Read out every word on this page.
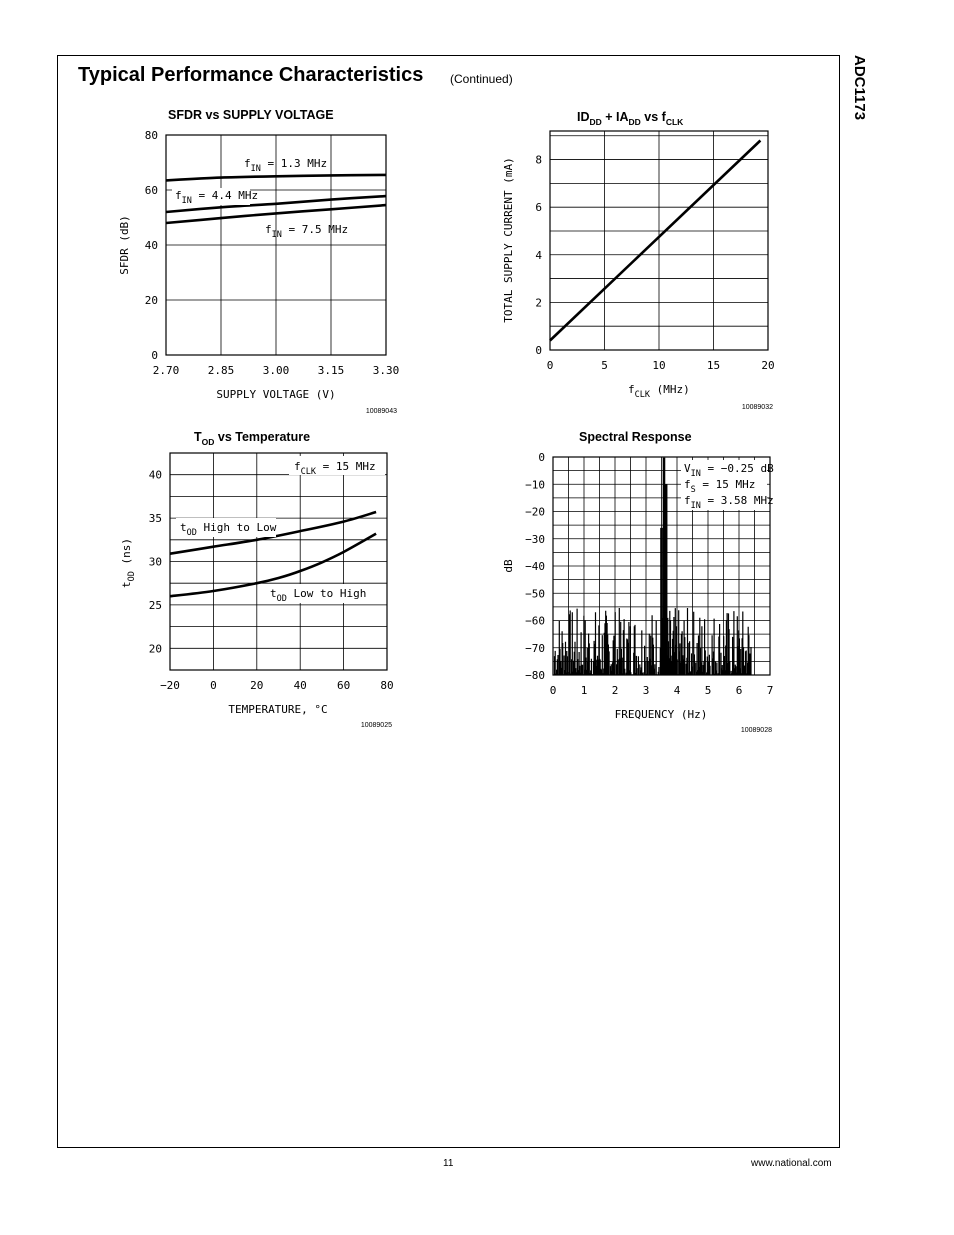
ADC1173
Typical Performance Characteristics (Continued)
11	www.national.com
2.70	2.85	3.00	3.15	3.30
0
20
40
60
80
SFDR vs SUPPLY VOLTAGE
SUPPLY VOLTAGE (V)
SFDR (dB)
10089043
$f_{IN} = 1.3$ MHz
$f_{IN} = 4.4$ MHz
$f_{IN} = 7.5$ MHz
0	5	10	15	20
0
2
4
6
8
$ID_{DD} + IA_{DD}$ vs $f_{CLK}$
$f_{CLK}$ (MHz)
TOTAL SUPPLY CURRENT (mA)
10089032
−20	0	20	40	60	80
20
25
30
35
40
$T_{OD}$ vs Temperature
TEMPERATURE, °C
$t_{OD}$ (ns)
10089025
$f_{CLK} = 15$ MHz
$t_{OD}$ High to Low
$t_{OD}$ Low to High
0 1 2 3 4 5 6 7
0
−10
−20
−30
−40
−50
−60
−70
−80
Spectral Response
FREQUENCY (Hz)
dB
10089028
$V_{IN} = -0.25$ dB
$f_S = 15$ MHz
$f_{IN} = 3.58$ MHz
